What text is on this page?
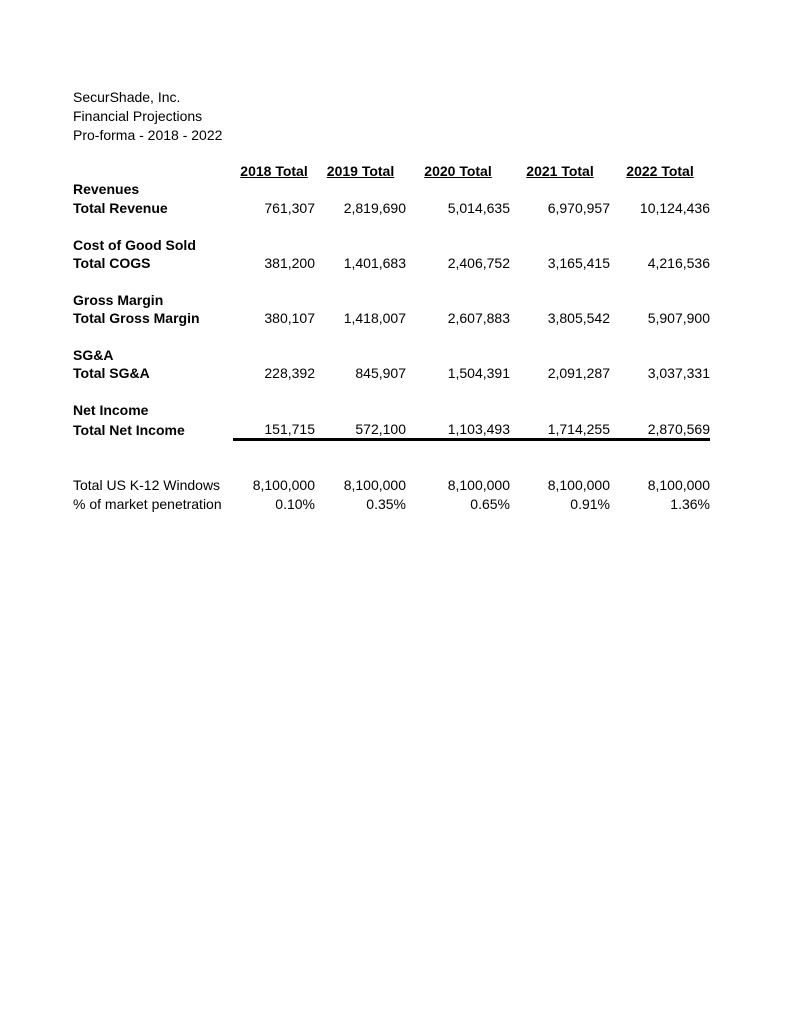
SecurShade, Inc.
Financial Projections
Pro-forma - 2018 - 2022
	2018 Total	2019 Total	2020 Total	2021 Total	2022 Total
Revenues					
Total Revenue	761,307	2,819,690	5,014,635	6,970,957	10,124,436

Cost of Good Sold					
Total COGS	381,200	1,401,683	2,406,752	3,165,415	4,216,536

Gross Margin					
Total Gross Margin	380,107	1,418,007	2,607,883	3,805,542	5,907,900

SG&A					
Total SG&A	228,392	845,907	1,504,391	2,091,287	3,037,331

Net Income					
Total Net Income	151,715	572,100	1,103,493	1,714,255	2,870,569

Total US K-12 Windows	8,100,000	8,100,000	8,100,000	8,100,000	8,100,000
% of market penetration	0.10%	0.35%	0.65%	0.91%	1.36%
